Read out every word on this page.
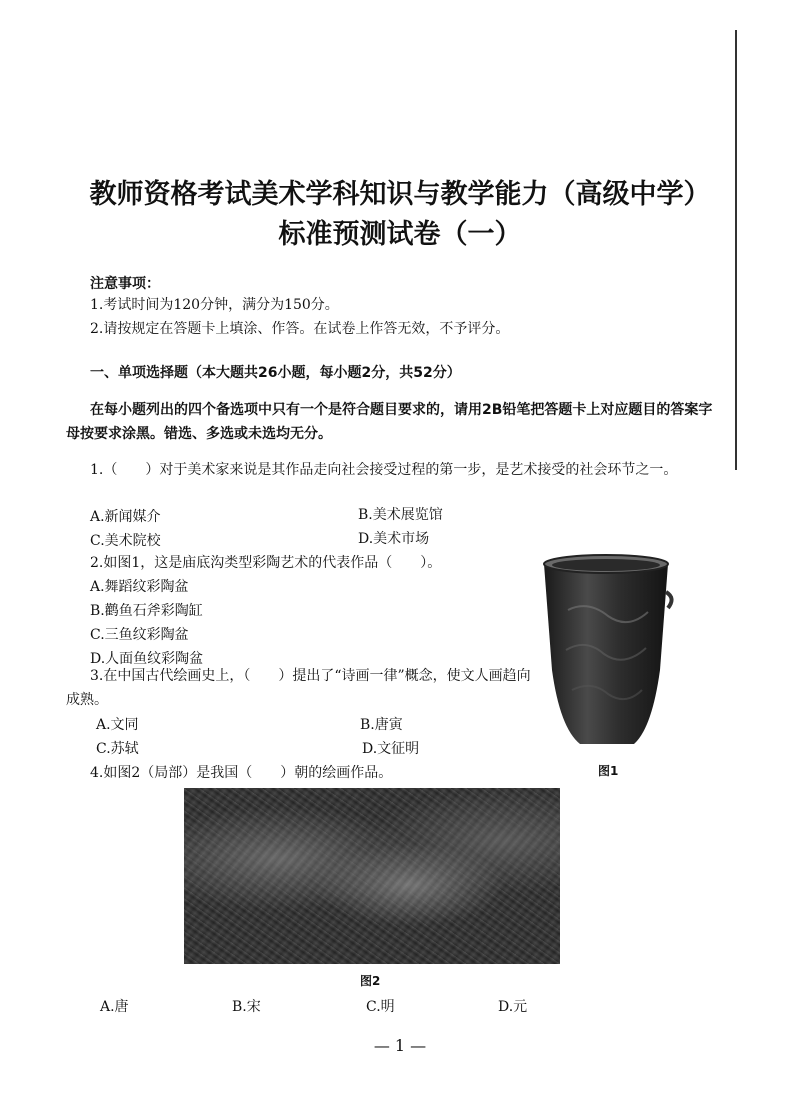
教师资格考试美术学科知识与教学能力（高级中学）
标准预测试卷（一）
注意事项：
1.考试时间为120分钟，满分为150分。
2.请按规定在答题卡上填涂、作答。在试卷上作答无效，不予评分。
一、单项选择题（本大题共26小题，每小题2分，共52分）
在每小题列出的四个备选项中只有一个是符合题目要求的，请用2B铅笔把答题卡上对应题目的答案字母按要求涂黑。错选、多选或未选均无分。
1.（　　）对于美术家来说是其作品走向社会接受过程的第一步，是艺术接受的社会环节之一。
A.新闻媒介	B.美术展览馆
C.美术院校	D.美术市场
2.如图1，这是庙底沟类型彩陶艺术的代表作品（　　）。
A.舞蹈纹彩陶盆
B.鹳鱼石斧彩陶缸
C.三鱼纹彩陶盆
D.人面鱼纹彩陶盆
图1
3.在中国古代绘画史上，（　　）提出了“诗画一律”概念，使文人画趋向成熟。
A.文同	B.唐寅
C.苏轼	D.文征明
4.如图2（局部）是我国（　　）朝的绘画作品。
图2
A.唐	B.宋	C.明	D.元
— 1 —
